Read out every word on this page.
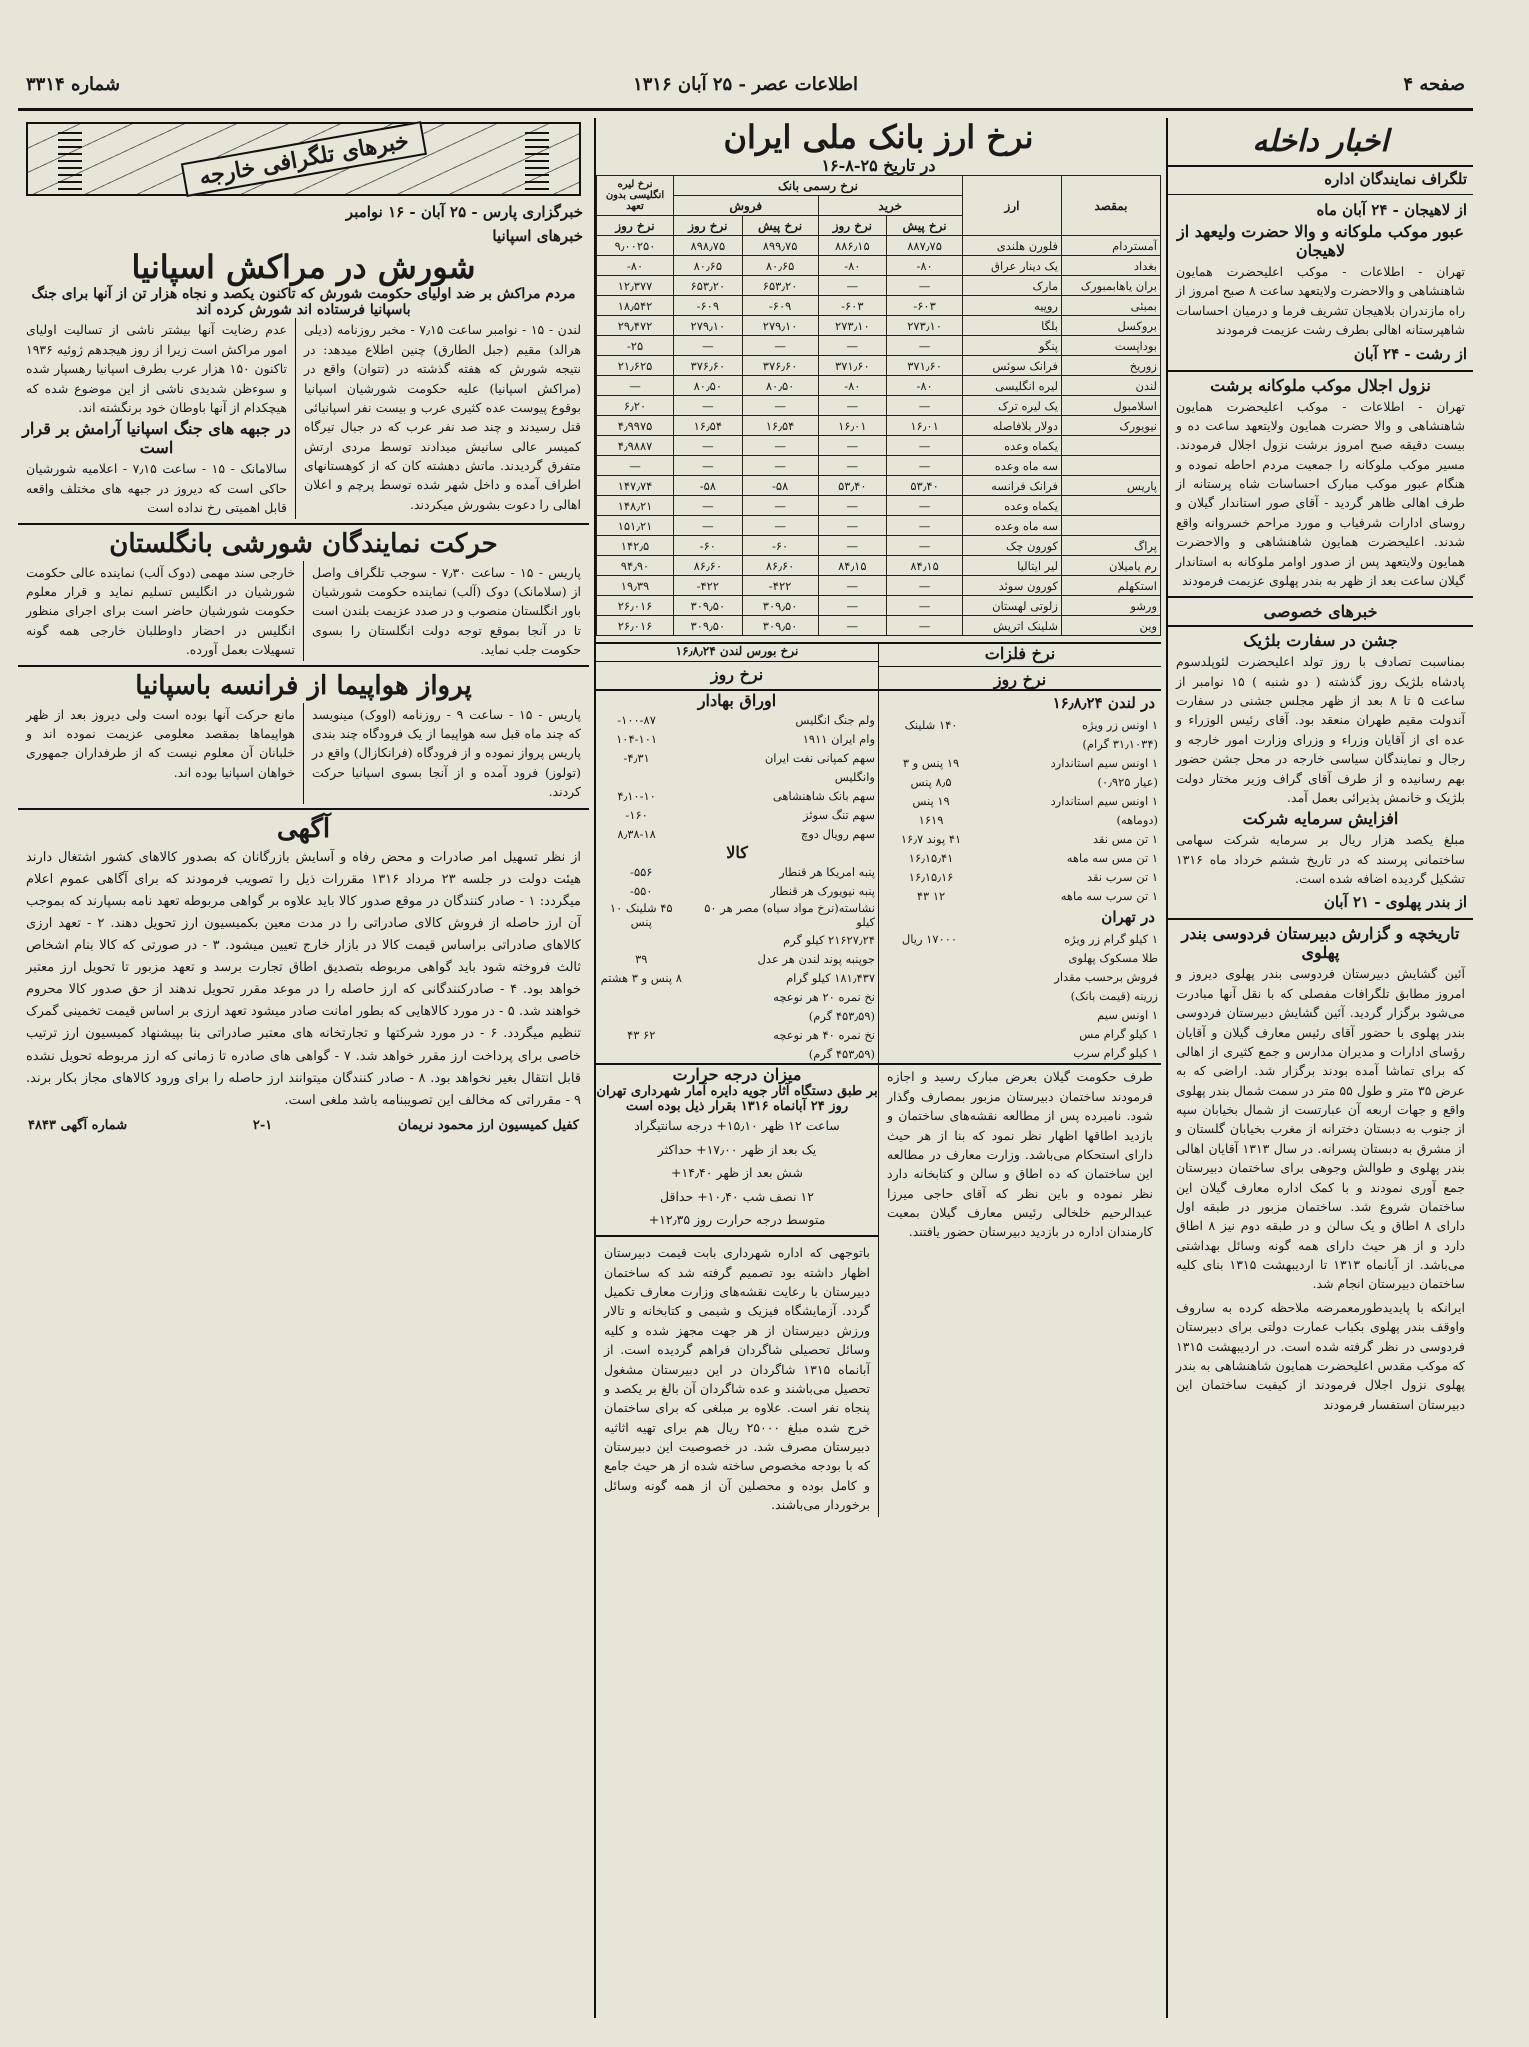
صفحه ۴
اطلاعات عصر - ۲۵ آبان ۱۳۱۶
شماره ۳۳۱۴
اخبار داخله
تلگراف نمایندگان اداره
از لاهیجان - ۲۴ آبان ماه
عبور موکب ملوکانه و والا حضرت ولیعهد از لاهیجان
تهران - اطلاعات - موکب اعلیحضرت همایون شاهنشاهی و والاحضرت ولایتعهد ساعت ۸ صبح امروز از راه مازندران بلاهیجان تشریف فرما و درمیان احساسات شاهپرستانه اهالی بطرف رشت عزیمت فرمودند
از رشت - ۲۴ آبان
نزول اجلال موکب ملوکانه برشت
تهران - اطلاعات - موکب اعلیحضرت همایون شاهنشاهی و والا حضرت همایون ولایتعهد ساعت ده و بیست دقیقه صبح امروز برشت نزول اجلال فرمودند. مسیر موکب ملوکانه را جمعیت مردم احاطه نموده و هنگام عبور موکب مبارک احساسات شاه پرستانه از طرف اهالی ظاهر گردید - آقای صور استاندار گیلان و روسای ادارات شرفیاب و مورد مراحم خسروانه واقع شدند. اعلیحضرت همایون شاهنشاهی و والاحضرت همایون ولایتعهد پس از صدور اوامر ملوکانه به استاندار گیلان ساعت بعد از ظهر به بندر پهلوی عزیمت فرمودند
خبرهای خصوصی
جشن در سفارت بلژیک
بمناسبت تصادف با روز تولد اعلیحضرت لئوپلدسوم پادشاه بلژیک روز گذشته ( دو شنبه ) ۱۵ نوامبر از ساعت ۵ تا ۸ بعد از ظهر مجلس جشنی در سفارت آندولت مقیم طهران منعقد بود. آقای رئیس الوزراء و عده ای از آقایان وزراء و وزرای وزارت امور خارجه و رجال و نمایندگان سیاسی خارجه در محل جشن حضور بهم رسانیده و از طرف آقای گراف وزیر مختار دولت بلژیک و خانمش پذیرائی بعمل آمد.
افزایش سرمایه شرکت
مبلغ یکصد هزار ریال بر سرمایه شرکت سهامی ساختمانی پرسند که در تاریخ ششم خرداد ماه ۱۳۱۶ تشکیل گردیده اضافه شده است.
از بندر پهلوی - ۲۱ آبان
تاریخچه و گزارش دبیرستان فردوسی بندر پهلوی
آئین گشایش دبیرستان فردوسی بندر پهلوی دیروز و امروز مطابق تلگرافات مفصلی که با نقل آنها مبادرت می‌شود برگزار گردید. آئین گشایش دبیرستان فردوسی بندر پهلوی با حضور آقای رئیس معارف گیلان و آقایان رؤسای ادارات و مدیران مدارس و جمع کثیری از اهالی که برای تماشا آمده بودند برگزار شد. اراضی که به عرض ۳۵ متر و طول ۵۵ متر در سمت شمال بندر پهلوی واقع و جهات اربعه آن عبارتست از شمال بخیابان سپه از جنوب به دبستان دخترانه از مغرب بخیابان گلستان و از مشرق به دبستان پسرانه. در سال ۱۳۱۳ آقایان اهالی بندر پهلوی و طوالش وجوهی برای ساختمان دبیرستان جمع آوری نمودند و با کمک اداره معارف گیلان این ساختمان شروع شد. ساختمان مزبور در طبقه اول دارای ۸ اطاق و یک سالن و در طبقه دوم نیز ۸ اطاق دارد و از هر حیث دارای همه گونه وسائل بهداشتی می‌باشد. از آبانماه ۱۳۱۳ تا اردیبهشت ۱۳۱۵ بنای کلیه ساختمان دبیرستان انجام شد.
ایرانکه با پایدیدطورمعمرضه ملاحظه کرده به ساروف واوقف بندر پهلوی بکباب عمارت دولتی برای دبیرستان فردوسی در نظر گرفته شده است. در اردیبهشت ۱۳۱۵ که موکب مقدس اعلیحضرت همایون شاهنشاهی به بندر پهلوی نزول اجلال فرمودند از کیفیت ساختمان این دبیرستان استفسار فرمودند
نرخ ارز بانک ملی ایران
در تاریخ ۲۵-۸-۱۶
بمقصد	ارز	نرخ رسمی بانک				نرخ لیره انگلیسی بدون تعهد
		خرید		فروش		
		نرخ پیش	نرخ روز	نرخ پیش	نرخ روز	نرخ روز
آمستردام	فلورن هلندی	۸۸۷٫۷۵	۸۸۶٫۱۵	۸۹۹٫۷۵	۸۹۸٫۷۵	۹٫۰۰۲۵۰
بغداد	یک دینار عراق	۸۰-	۸۰-	۸۰٫۶۵	۸۰٫۶۵	۸۰-
بران یاهابمبورک	مارک	—	—	۶۵۳٫۲۰	۶۵۳٫۲۰	۱۲٫۳۷۷
بمبئی	روپیه	۶۰۳-	۶۰۳-	۶۰۹-	۶۰۹-	۱۸٫۵۴۲
بروکسل	بلگا	۲۷۳٫۱۰	۲۷۳٫۱۰	۲۷۹٫۱۰	۲۷۹٫۱۰	۲۹٫۴۷۲
بوداپست	پنگو	—	—	—	—	۲۵-
زوریخ	فرانک سوئس	۳۷۱٫۶۰	۳۷۱٫۶۰	۳۷۶٫۶۰	۳۷۶٫۶۰	۲۱٫۶۲۵
لندن	لیره انگلیسی	۸۰-	۸۰-	۸۰٫۵۰	۸۰٫۵۰	—
اسلامبول	یک لیره ترک	—	—	—	—	۶٫۲۰
نیویورک	دولار بلافاصله	۱۶٫۰۱	۱۶٫۰۱	۱۶٫۵۴	۱۶٫۵۴	۴٫۹۹۷۵
	یکماه وعده	—	—	—	—	۴٫۹۸۸۷
	سه ماه وعده	—	—	—	—	—
پاریس	فرانک فرانسه	۵۳٫۴۰	۵۳٫۴۰	۵۸-	۵۸-	۱۴۷٫۷۴
	یکماه وعده	—	—	—	—	۱۴۸٫۲۱
	سه ماه وعده	—	—	—	—	۱۵۱٫۲۱
پراگ	کورون چک	—	—	۶۰-	۶۰-	۱۴۲٫۵
رم یامیلان	لیر ایتالیا	۸۴٫۱۵	۸۴٫۱۵	۸۶٫۶۰	۸۶٫۶۰	۹۴٫۹۰
استکهلم	کورون سوئد	—	—	۴۲۲-	۴۲۲-	۱۹٫۳۹
ورشو	زلوتی لهستان	—	—	۳۰۹٫۵۰	۳۰۹٫۵۰	۲۶٫۰۱۶
وین	شلینک اتریش	—	—	۳۰۹٫۵۰	۳۰۹٫۵۰	۲۶٫۰۱۶
نرخ فلزات
نرخ روز
نرخ بورس لندن ۱۶٫۸٫۲۴
نرخ روز
در لندن ۱۶٫۸٫۲۴
۱ اونس زر ویژه	۱۴۰ شلینک
(۳۱٫۱۰۳۴ گرام)	
۱ اونس سیم استاندارد	۱۹ پنس و ۳
(عیار ۰٫۹۲۵)	۸٫۵ پنس
۱ اونس سیم استاندارد	۱۹ پنس
(دوماهه)	۱۶۱۹
۱ تن مس نقد	۴۱ پوند ۱۶٫۷
۱ تن مس سه ماهه	۱۶٫۱۵٫۴۱
۱ تن سرب نقد	۱۶٫۱۵٫۱۶
۱ تن سرب سه ماهه	۱۲ ۴۳
در تهران
۱ کیلو گرام زر ویژه	۱۷۰۰۰ ریال
طلا مسکوک پهلوی	
فروش برحسب مقدار	
زرینه (قیمت بانک)	
۱ اونس سیم	
۱ کیلو گرام مس	
۱ کیلو گرام سرب	
اوراق بهادار
ولم جنگ انگلیس	۱۰۰-۸۷-
وام ایران ۱۹۱۱	۱۰۴-۱۰۱
سهم کمپانی نفت ایران	۴٫۳۱-
وانگلیس	
سهم بانک شاهنشاهی	۴٫۱۰-۱۰
سهم تنگ سوئز	۱۶۰-
سهم رویال دوچ	۸٫۳۸-۱۸
کالا
پنبه امریکا هر قنطار	۵۵۶-
پنبه نیویورک هر قنطار	۵۵۰-
نشاسته(نرخ مواد سیاه) مصر هر ۵۰ کیلو	۴۵ شلینک ۱۰ پنس
۲۱۶۲۷٫۲۴ کیلو گرم	
جوپنبه پوند لندن هر عدل	۳۹
۱۸۱٫۴۳۷ کیلو گرام	۸ پنس و ۳ هشتم
نخ نمره ۲۰ هر نوعچه	
(۴۵۳٫۵۹ گرم)	
نخ نمره ۴۰ هر نوعچه	۶۲ ۴۳
(۴۵۳٫۵۹ گرم)	
طرف حکومت گیلان بعرض مبارک رسید و اجازه فرمودند ساختمان دبیرستان مزبور بمصارف وگذار شود. نامبرده پس از مطالعه نقشه‌های ساختمان و بازدید اطاقها اظهار نظر نمود که بنا از هر حیث دارای استحکام می‌باشد. وزارت معارف در مطالعه این ساختمان که ده اطاق و سالن و کتابخانه دارد نظر نموده و باین نظر که آقای حاجی میرزا عبدالرحیم خلخالی رئیس معارف گیلان بمعیت کارمندان اداره در بازدید دبیرستان حضور یافتند.
میزان درجه حرارت
بر طبق دستگاه آثار جویه دایره آمار شهرداری تهران
روز ۲۴ آبانماه ۱۳۱۶ بقرار ذیل بوده است
ساعت ۱۲ ظهر ۱۵٫۱۰+ درجه سانتیگراد
یک بعد از ظهر ۱۷٫۰۰+ حداکثر
شش بعد از ظهر ۱۴٫۴۰+
۱۲ نصف شب ۱۰٫۴۰+ حداقل
متوسط درجه حرارت روز ۱۲٫۳۵+
باتوجهی که اداره شهرداری بابت قیمت دبیرستان اظهار داشته بود تصمیم گرفته شد که ساختمان دبیرستان با رعایت نقشه‌های وزارت معارف تکمیل گردد. آزمایشگاه فیزیک و شیمی و کتابخانه و تالار ورزش دبیرستان از هر جهت مجهز شده و کلیه وسائل تحصیلی شاگردان فراهم گردیده است. از آبانماه ۱۳۱۵ شاگردان در این دبیرستان مشغول تحصیل می‌باشند و عده شاگردان آن بالغ بر یکصد و پنجاه نفر است. علاوه بر مبلغی که برای ساختمان خرج شده مبلغ ۲۵۰۰۰ ریال هم برای تهیه اثاثیه دبیرستان مصرف شد. در خصوصیت این دبیرستان که با بودجه مخصوص ساخته شده از هر حیث جامع و کامل بوده و محصلین آن از همه گونه وسائل برخوردار می‌باشند.
خبرهای تلگرافی خارجه
خبرگزاری پارس - ۲۵ آبان - ۱۶ نوامبر
خبرهای اسپانیا
شورش در مراکش اسپانیا
مردم مراکش بر ضد اولیای حکومت شورش که تاکنون یکصد و نجاه هزار تن از آنها برای جنگ باسپانیا فرستاده اند شورش کرده اند
لندن - ۱۵ - نوامبر ساعت ۷٫۱۵ - مخبر روزنامه (دیلی هرالد) مقیم (جبل الطارق) چنین اطلاع میدهد: در نتیجه شورش که هفته گذشته در (تتوان) واقع در (مراکش اسپانیا) علیه حکومت شورشیان اسپانیا بوقوع پیوست عده کثیری عرب و بیست نفر اسپانیائی قتل رسیدند و چند صد نفر عرب که در جبال تیرگاه کمیسر عالی سانیش میدادند توسط مردی ارتش متفرق گردیدند. ماتش دهشته کان که از کوهستانهای اطراف آمده و داخل شهر شده توسط پرچم و اعلان اهالی را دعوت بشورش میکردند.
عدم رضایت آنها بیشتر ناشی از تسالیت اولیای امور مراکش است زیرا از روز هیجدهم ژوئیه ۱۹۳۶ تاکنون ۱۵۰ هزار عرب بطرف اسپانیا رهسپار شده و سوءظن شدیدی ناشی از این موضوع شده که هیچکدام از آنها باوطان خود برنگشته اند.
در جبهه های جنگ اسپانیا آرامش بر قرار است
سالامانک - ۱۵ - ساعت ۷٫۱۵ - اعلامیه شورشیان حاکی است که دیروز در جبهه های مختلف واقعه قابل اهمیتی رخ نداده است
حرکت نمایندگان شورشی بانگلستان
پاریس - ۱۵ - ساعت ۷٫۳۰ - سوجب تلگراف واصل از (سلامانک) دوک (آلب) نماینده حکومت شورشیان باور انگلستان منصوب و در صدد عزیمت بلندن است تا در آنجا بموقع توجه دولت انگلستان را بسوی حکومت جلب نماید.
خارجی سند مهمی (دوک آلب) نماینده عالی حکومت شورشیان در انگلیس تسلیم نماید و قرار معلوم حکومت شورشیان حاضر است برای اجرای منظور انگلیس در احضار داوطلبان خارجی همه گونه تسهیلات بعمل آورده.
پرواز هواپیما از فرانسه باسپانیا
پاریس - ۱۵ - ساعت ۹ - روزنامه (اووک) مینویسد که چند ماه قبل سه هواپیما از یک فرودگاه چند بندی پاریس پرواز نموده و از فرودگاه (فرانکازال) واقع در (تولوز) فرود آمده و از آنجا بسوی اسپانیا حرکت کردند.
مانع حرکت آنها بوده است ولی دیروز بعد از ظهر هواپیماها بمقصد معلومی عزیمت نموده اند و خلبانان آن معلوم نیست که از طرفداران جمهوری خواهان اسپانیا بوده اند.
آگهی
از نظر تسهیل امر صادرات و محض رفاه و آسایش بازرگانان که بصدور کالاهای کشور اشتغال دارند هیئت دولت در جلسه ۲۳ مرداد ۱۳۱۶ مقررات ذیل را تصویب فرمودند که برای آگاهی عموم اعلام میگردد: ۱ - صادر کنندگان در موقع صدور کالا باید علاوه بر گواهی مربوطه تعهد نامه بسپارند که بموجب آن ارز حاصله از فروش کالای صادراتی را در مدت معین بکمیسیون ارز تحویل دهند. ۲ - تعهد ارزی کالاهای صادراتی براساس قیمت کالا در بازار خارج تعیین میشود. ۳ - در صورتی که کالا بنام اشخاص ثالث فروخته شود باید گواهی مربوطه بتصدیق اطاق تجارت برسد و تعهد مزبور تا تحویل ارز معتبر خواهد بود. ۴ - صادرکنندگانی که ارز حاصله را در موعد مقرر تحویل ندهند از حق صدور کالا محروم خواهند شد. ۵ - در مورد کالاهایی که بطور امانت صادر میشود تعهد ارزی بر اساس قیمت تخمینی گمرک تنظیم میگردد. ۶ - در مورد شرکتها و تجارتخانه های معتبر صادراتی بنا بپیشنهاد کمیسیون ارز ترتیب خاصی برای پرداخت ارز مقرر خواهد شد. ۷ - گواهی های صادره تا زمانی که ارز مربوطه تحویل نشده قابل انتقال بغیر نخواهد بود. ۸ - صادر کنندگان میتوانند ارز حاصله را برای ورود کالاهای مجاز بکار برند. ۹ - مقرراتی که مخالف این تصویبنامه باشد ملغی است.
کفیل کمیسیون ارز محمود نریمان
۲-۱
شماره آگهی ۴۸۴۳
